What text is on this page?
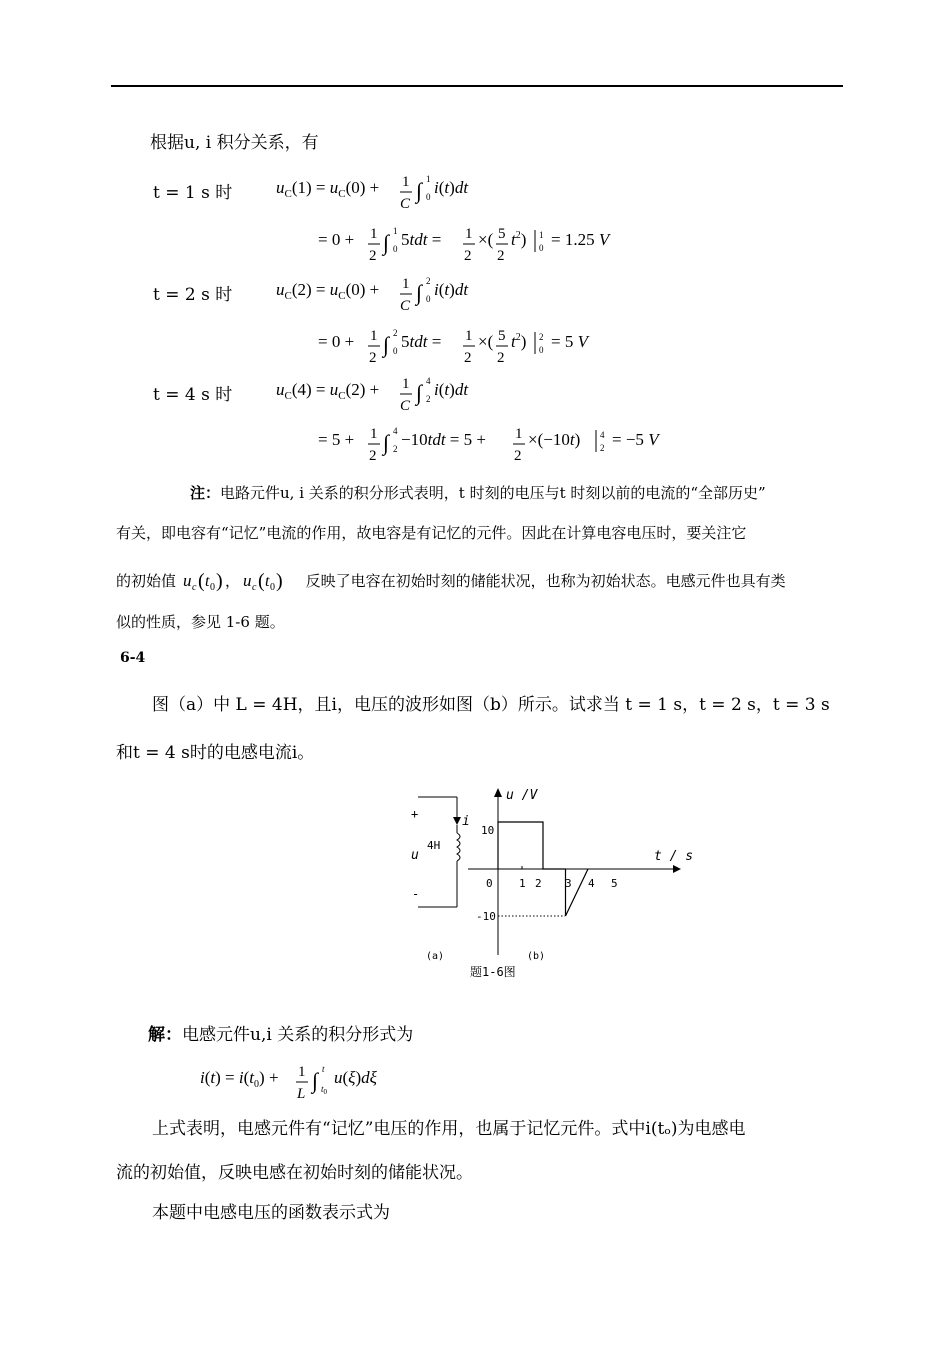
根据u, i 积分关系，有
t = 1 s 时	$u_C(1) = u_C(0) + 1$
C
∫ 1
0 i(t)dt
= 0 + 1
2
∫ 1
0 5tdt = 1
2
×( 5
2
$t^2$) 1
0 = 1.25 V
t = 2 s 时	$u_C(2) = u_C(0) + 1$
C
∫ 2
0 i(t)dt
= 0 + 1
2
∫ 2
0 5tdt = 1
2
×( 5
2
$t^2$) 2
0 = 5 V
t = 4 s 时	$u_C(4) = u_C(2) + 1$
C
∫ 4
2 i(t)dt
= 5 + 1
2
∫ 4
2 −10tdt = 5 + 1
2
×(−10t) 4
2 = −5 V
注：电路元件u, i 关系的积分形式表明，t 时刻的电压与t 时刻以前的电流的“全部历史”
有关，即电容有“记忆”电流的作用，故电容是有记忆的元件。因此在计算电容电压时，要关注它
的初始值 u c ( t 0 ) ， u c ( t 0 ) 反映了电容在初始时刻的储能状况，也称为初始状态。电感元件也具有类
似的性质，参见 1-6 题。
6-4
图（a）中 L = 4H，且i，电压的波形如图（b）所示。试求当 t = 1 s，t = 2 s，t = 3 s
和t = 4 s时的电感电流i。
i
+
-
u
4H
(a)
u /V
t / s
10
-10
0 1 2 3 4 5
(b)
题1-6图
解：电感元件u,i 关系的积分形式为
$i(t) = i(t_0) + 1$
L
∫ t
$t_0$
u(ξ)dξ
上式表明，电感元件有“记忆”电压的作用，也属于记忆元件。式中i(tₒ)为电感电
流的初始值，反映电感在初始时刻的储能状况。
本题中电感电压的函数表示式为
